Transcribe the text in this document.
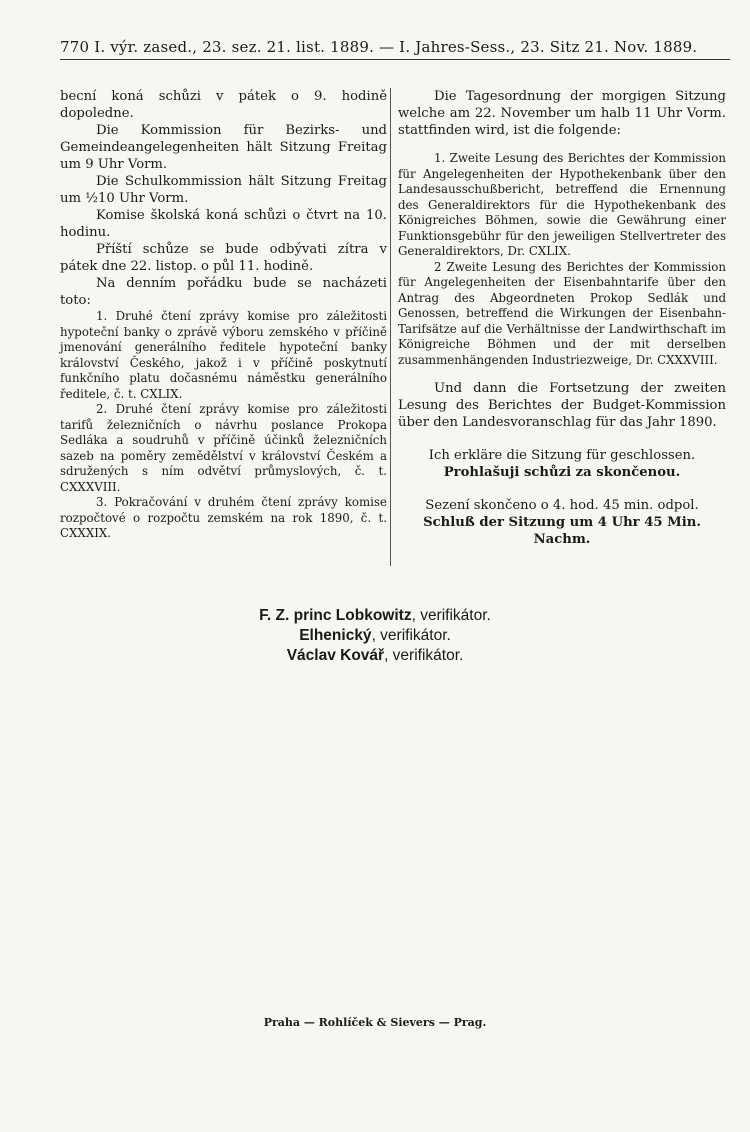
770 I. výr. zased., 23. sez. 21. list. 1889. — I. Jahres-Sess., 23. Sitz 21. Nov. 1889.

becní koná schůzi v pátek o 9. hodině dopoledne.

Die Kommission für Bezirks- und Gemeindeangelegenheiten hält Sitzung Freitag um 9 Uhr Vorm.

Die Schulkommission hält Sitzung Freitag um ½10 Uhr Vorm.

Komise školská koná schůzi o čtvrt na 10. hodinu.

Příští schůze se bude odbývati zítra v pátek dne 22. listop. o půl 11. hodině.

Na denním pořádku bude se nacházeti toto:

1. Druhé čtení zprávy komise pro záležitosti hypoteční banky o zprávě výboru zemského v příčině jmenování generálního ředitele hypoteční banky království Českého, jakož i v příčině poskytnutí funkčního platu dočasnému náměstku generálního ředitele, č. t. CXLIX.

2. Druhé čtení zprávy komise pro záležitosti tarifů železničních o návrhu poslance Prokopa Sedláka a soudruhů v příčině účinků železničních sazeb na poměry zemědělství v království Českém a sdružených s ním odvětví průmyslových, č. t. CXXXVIII.

3. Pokračování v druhém čtení zprávy komise rozpočtové o rozpočtu zemském na rok 1890, č. t. CXXXIX.

Die Tagesordnung der morgigen Sitzung welche am 22. November um halb 11 Uhr Vorm. stattfinden wird, ist die folgende:

1. Zweite Lesung des Berichtes der Kommission für Angelegenheiten der Hypothekenbank über den Landesausschußbericht, betreffend die Ernennung des Generaldirektors für die Hypothekenbank des Königreiches Böhmen, sowie die Gewährung einer Funktionsgebühr für den jeweiligen Stellvertreter des Generaldirektors, Dr. CXLIX.

2 Zweite Lesung des Berichtes der Kommission für Angelegenheiten der Eisenbahntarife über den Antrag des Abgeordneten Prokop Sedlák und Genossen, betreffend die Wirkungen der Eisenbahn-Tarifsätze auf die Verhältnisse der Landwirthschaft im Königreiche Böhmen und der mit derselben zusammenhängenden Industriezweige, Dr. CXXXVIII.

Und dann die Fortsetzung der zweiten Lesung des Berichtes der Budget-Kommission über den Landesvoranschlag für das Jahr 1890.

Ich erkläre die Sitzung für geschlossen.

Prohlašuji schůzi za skončenou.

Sezení skončeno o 4. hod. 45 min. odpol.

Schluß der Sitzung um 4 Uhr 45 Min. Nachm.

F. Z. princ Lobkowitz, verifikátor.
Elhenický, verifikátor.
Václav Kovář, verifikátor.
Praha — Rohlíček & Sievers — Prag.
